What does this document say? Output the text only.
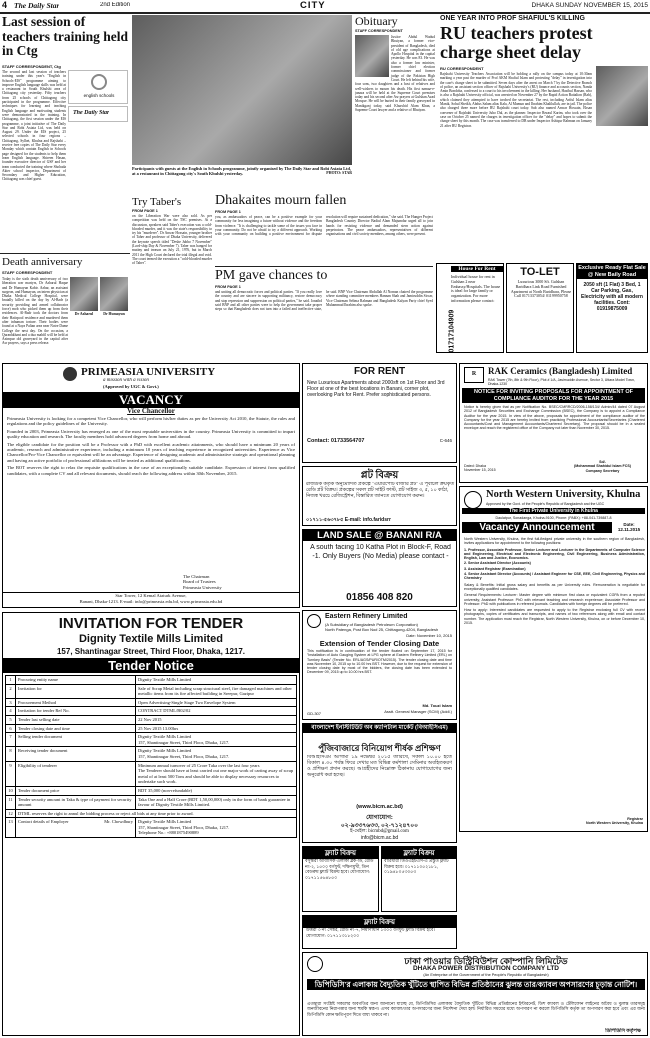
4 The Daily Star	2nd Edition	CITY	DHAKA SUNDAY NOVEMBER 15, 2015
Last session of teachers training held in Ctg
STAFF CORRESPONDENT, Ctg
The second and last session of teachers training under this year's "English in Schools-EIS" programme aiming to improve English language skills was held at a restaurant in South Khulshi area of Chittagong city yesterday. Fifty teachers from 25 schools of Chittagong city participated in the programme. Effective techniques for learning and teaching English language and motivating students were demonstrated in the training. In Chittagong, the first session under the EIS programme, a joint initiative of The Daily Star and Robi Axiata Ltd, was held on August 29. Under the EIS project, 25 selected schools in four regions – Chittagong, Sylhet, Khulna and Rajshahi – receive free copies of The Daily Star every Monday which contain English in Schools page designed for the students to help them learn English language. Shireen Hasan, founder executive director of GSF and her team conducted the training where Shohada Akter school inspector, Department of Secondary and Higher Education, Chittagong was chief guest.
english schools
The Daily Star
Participants with guests at the English in Schools programme, jointly organised by The Daily Star and Robi Axiata Ltd, at a restaurant in Chittagong city's South Khulshi yesterday.	PHOTO: STAR
Death anniversary
STAFF CORRESPONDENT
Dr Azharul	Dr Humayun
Today is the sixth death anniversary of two liberation war martyrs, Dr Azharul Haque and Dr Humayun Kabir. Azhar, an assistant surgeon, and Humayun, an intern physician at Dhaka Medical College Hospital, were brutally killed on the day by Al-Badr (a security providing and armed collaborator force) mob who picked them up from their residences. Al-Badr took the doctors from their Hatirpool residence and murdered them after inhuman torture. Their bodies were found at a Naya Paltan area near Notre Dame College the next day. On the occasion, a Quranhkhani and a dua mahfil will be held at Azimpur old graveyard in the capital after Asr prayers, says a press release.
Try Taber's
FROM PAGE 1
on the Liberation War were also sold. As per competition was held on the TSC premises. At a discussion, speakers said Taber's execution was a cold-blooded murder, and it was the state's responsibility to try his "murderer". Dr Anwar Hossain, younger brother of Taher and professor of Dhaka University, delivered the keynote speech titled "Deshe Jubbo 7 November" (Lord-ship Day & November 7). Taher was hanged for mutiny and treason on July 21, 1976, but in March 2011 the High Court declared the trial illegal and void. The court termed the execution a "cold-blooded murder of Taher".
Dhakaites mourn fallen
FROM PAGE 1
you, as ambassadors of peace, can be a positive example for your community for less imagining a future without violence and the freedom from violence. "It is challenging to tackle some of the issues you face in your community. Do not be afraid to try a different approach. Working with your community on building a positive environment for dispute resolution will require sustained dedication," she said. The Hunger Project Bangladesh Country Director Badiul Alam Majumdar urged all to join hands for resisting violence and demanded stern action against perpetrators. The peace ambassadors, representatives of different organisations and civil society members, among others, were present.
PM gave chances to
FROM PAGE 1
and uniting all democratic forces and political parties. "If you really love the country and are sincere in supporting militancy, restore democracy and stop repression and suppression on political parties," he said. Jonaibd said BNP and all other parties were to help the government take proper steps so that Bangladesh does not turn into a failed and ineffective state, he said. BNP Vice Chairman Abdullah Al Noman chaired the programme where standing committee members Hannan Shah and Jamiruddin Sircar, Vice Chairman Selima Rahman and Bangladesh Kalyan Party chief Syed Muhammad Ibrahim also spoke.
Obituary
STAFF CORRESPONDENT
Justice Abdul Wadud Bhuiyan, a former vice-president of Bangladesh, died of old age complications at Apollo Hospital in the capital yesterday. He was 83. He was also a former law minister, former chief election commissioner and former judge of the Pakistan High Court. He left behind his wife, four sons, two daughters and a host of relatives and well-wishers to mourn his death. His first namaz-e-janaza will be held at the Supreme Court premises today and his second after Asr prayers at Gulshan Azad Mosque. He will be buried in their family graveyard in Manikganj today, said Khurshid Alam Khan, a Supreme Court lawyer and a relative of Bhuiyan.
ONE YEAR INTO PROF SHAFIUL'S KILLING
RU teachers protest charge sheet delay
RU CORRESPONDENT
Rajshahi University Teachers Association will be holding a rally on the campus today at 10:30am marking a year past the murder of Prof AKM Shafiul Islam and protesting "delay" in investigation into the case's charge sheet to be submitted. Seven days after the arrest on March 7 by the Detective Branch of police, an assistant section officer of Rajshahi University's (RU) finance and accounts section, Nanda Amin Bondoba, confessed to a court to his involvement in the killing. Her husband, Hasibul Hassan, who is also a Rajshahi University official, was arrested on November 27 by the Rapid Action Battalion (Rab), which claimed they attempted to have torched the secretariat. The rest, including Ariful Islam alias Manik, Sohul Sheikh, Abdus Salam alias Kala, Al Mamun and Ibrahim Khalilullah, are in jail. The police also charged three more before RU Rajshahi court today. Sub also named Anwar Hossain, Ehsan convener of Rajshahi University Jubo Dal, as the planner. Inspector Rezaul Karim, who took over the case on October 25 named the charges in investigation officer for the "delay" and hopes to submit the charge sheet by this month. The case was transferred to DB under Inspector Ashiqur Rahman on January 21 after RU Registrar.
01717104909
House For Rent
Individual house for rent in Gulshan 2 near Embassy/Hospitals. The house is ideal for large family or organization. For more information please contact:
TO-LET
Luxurious 3000 Sft. Gulshan Baridhara Link Road Furnished Apartment at North Baridhara, Please Call 01713373054/ 01199950758
Exclusive Ready Flat Sale @ New Baily Road
2050 sft (1 Flat) 3 Bed, 1 Car Parking, Gas, Electricity with all modern facilities. Cont: 01919875009
PRIMEASIA UNIVERSITY
a mission with a vision
(Approved by UGC & Govt.)
VACANCY
Vice Chancellor

Primeasia University is looking for a competent Vice Chancellor, who will perform his/her duties as per the University Act 2010, the Statute, the rules and regulations and the policy guidelines of the University.

Founded in 2003, Primeasia University has emerged as one of the most reputable universities in the country. Primeasia University is committed to impart quality education and research. The faculty members hold advanced degrees from home and abroad.

The eligible candidate for the position will be a Professor with a PhD with excellent academic attainments, who should have a minimum 20 years of academic, research and administrative experience, including a minimum 10 years of teaching experience in recognized universities. Experience as Vice Chancellor/Pro-Vice Chancellor or equivalent will be an advantage. Experience of designing academic and administrative strategic and operational planning and having an active portfolio of professional affiliations will be treated as additional qualifications.

The BOT reserves the right to relax the requisite qualifications in the case of an exceptionally suitable candidate. Expression of interest from qualified candidates, with a complete CV and all relevant documents, should reach the following address within 30th November, 2015.

The Chairman
Board of Trustees
Primeasia University
Star Tower, 12 Kemal Ataturk Avenue,
Banani, Dhaka-1213. E-mail: info@primeasia.edu.bd, www.primeasia.edu.bd
INVITATION FOR TENDER
Dignity Textile Mills Limited
157, Shantinagar Street, Third Floor, Dhaka, 1217.
Tender Notice
1	Procuring entity name	Dignity Textile Mills Limited
2	Invitation for	Sale of Scrap Metal including scrap structural steel, fire damaged machines and other metallic items from its fire affected building in Sreepur, Gazipur
3	Procurement Method	Open Advertising-Single Stage Two Envelope System
4	Invitation for tender Ref No.	CONTRACT DTML/B02/02
5	Tender last selling date	22 Nov 2015
6	Tender closing date and time	25 Nov 2015 13.00hrs
7	Selling tender document	Dignity Textile Mills Limited
157, Shantinagar Street, Third Floor, Dhaka, 1217.
8	Receiving tender document	Dignity Textile Mills Limited
157, Shantinagar Street, Third Floor, Dhaka, 1217.
9	Eligibility of tenderer	Minimum annual turnover of 25 Crore Taka over the last four years
The Tenderer should have at least carried out one major work of carting away of scrap metal of at least 500 Tons and should be able to display necessary resources to undertake such work.
10	Tender document price	BDT 35,000 (non-refundable)
11	Tender security amount in Taka & type of payment for security amount	Taka One and a Half Crore (BDT 1,50,00,000) only in the form of bank guarantee in favour of Dignity Textile Mills Limited.
12	DTML reserves the right to annul the bidding process or reject all bids at any time prior to award.	
13	Contact details of Employer Mr. Chowdhury	Dignity Textile Mills Limited
157, Shantinagar Street, Third Floor, Dhaka, 1217.
Telephone No.: +8801875490889
FOR RENT
New Luxurious Apartments about 2000sft on 1st Floor and 3rd Floor at one of the best locations in Banani, corner plot, overlooking Park for Rent. Prefer sophisticated persons.
Contact: 01733564707	C-646
প্লট বিক্রয়
রাজউক কর্তৃক অনুমোদিত প্রকল্পে "এয়ারপোর্ট বাজার প্লট" এ পূর্বাচল ক্রয়কৃত রেডি প্লট বিক্রয়। প্রকল্পের সকল প্লট সাইট ফাস্ট, প্লট সাইজ ৩, ৫, ১০ কাঠা, নিজস্ব খরচে রেজিস্ট্রেশন, বিস্তারিত জানতে যোগাযোগ করুন।
০১৭১১-৫৬৩৭৮৫ E-mail: info.faridsrr
LAND SALE @ BANANI R/A
A south facing 10 Katha Plot in Block-F, Road -1. Only Buyers (No Media) please contact -
01856 408 820
Eastern Refinery Limited
(A Subsidiary of Bangladesh Petroleum Corporation)
North Patenga, Post Box No# 25, Chittagong-4204, Bangladesh
Date: November 10, 2015
Extension of Tender Closing Date
This notification is in continuation of the tender floated on September 17, 2015 for "Installation of Auto Gauging System at LPG sphere at Eastern Refinery Limited (ERL) on Turnkey Basis" (Tender No. ERL/AGS/PUR/OTM/2015). The tender closing date and time was November 10, 2015 up to 10.00 hrs BST. However, due to the request for extension of tender closing date by most of the bidders, the closing date has been extended to December 09, 2015 up to 10.00 hrs BST.
Md. Touzi Islam
Asstt. General Manager (SCM) (Addl.)
GD-307
বাংলাদেশ ইনস্টিটিউট অব ক্যাপিটাল মার্কেট (বিআইসিএম)
পুঁজিবাজারে বিনিয়োগ শীর্ষক প্রশিক্ষণ
বিআইসিএম আগামী ১৯ নভেম্বর ২০১৫ তারিখে, সকাল ১০.০০ হতে বিকাল ৪.৩০ পর্যন্ত ফিরে দেখার মত বিভিন্ন কর্মশালা সেমিনার অবহিতকরণ ও প্রশিক্ষণ প্রদান করছে। আগ্রহীদের নিম্নোক্ত ঠিকানায় যোগাযোগের জন্য অনুরোধ করা হচ্ছে।
(www.bicm.ac.bd)
যোগাযোগ:
০২-৯৩৩৭৬৩৩, ০২-৭১২৪৭০০
ই-মেইল: bicmbd@gmail.com
info@bicm.ac.bd
ফ্ল্যাট বিক্রয়
বসুন্ধরা আবাসিক এলাকা ব্লক-ডি, রোড নং-২, ১৫০০ বর্গফুট, দক্ষিণমুখী, তিন বেডরুম ফ্ল্যাট বিক্রয় হবে। যোগাযোগ: ০১৭১১৫৬৪৮৫০
ফ্ল্যাট বিক্রয়
বারিধারা ডিওএইচএস-এ প্রস্তুত ফ্ল্যাট বিক্রয় হবে। ০১৭১১০৫২১৮১, ০১৯৪৮০৫৩০৫৩
ফ্ল্যাট বিক্রয়
উত্তরা ৩ নং সেক্টর, রোড নং-৭, নির্মাণাধীন ১৩০০ বর্গফুট ফ্ল্যাট বিক্রয় হবে। যোগাযোগ: ০১৭১১৩১৮২০০
R	RAK Ceramics (Bangladesh) Limited
RAK Tower (7th, 8th & 9th Floor), Plot # 1/A, Jasimuddin Avenue, Sector 3, Uttara Model Town, Dhaka-1230
NOTICE FOR INVITING PROPOSALS FOR APPOINTMENT OF COMPLIANCE AUDITOR FOR THE YEAR 2015
Notice is hereby given that as per Notification No. BSEC/CMRRCD/2006-158/134/ Admin/44 dated 07 August 2012 of Bangladesh Securities and Exchange Commission (BSEC), the Company is to appoint a Compliance Auditor for the year 2015. In view of the above, proposals for appointment of the compliance auditor of the Company for the year 2015 are hereby invited from practicing Professional Accountants/Secretaries (Chartered Accountants/Cost and Management Accountants/Chartered Secretary). The proposal should be in a sealed envelope and reach the registered office of the Company not later than November 30, 2015.
Dated: Dhaka
November 15, 2015
Sd/-
(Mohammad Shahidul Islam FCS)
Company Secretary
North Western University, Khulna
Approved by the Govt. of the People's Republic of Bangladesh and the UGC
The First Private University in Khulna
Daulatpur, Sonadanga, Khulna-9100, Phone: (PABX): +88-041-739887-8
Vacancy Announcement	Date: 12.11.2015

North Western University, Khulna, the first full-fledged private university in the southern region of Bangladesh, invites applications for appointment to the following positions:

1. Professor, Associate Professor, Senior Lecturer and Lecturer in the Departments of Computer Science and Engineering, Electrical and Electronic Engineering, Civil Engineering, Business Administration, English, Law and Justice, Economics.

2. Senior Assistant Director (Accounts)

3. Assistant Registrar (Examination)

4. Senior Assistant Director (Accounts) / Assistant Engineer for CSE, EEE, Civil Engineering, Physics and Chemistry

Salary & Benefits: Initial gross salary and benefits as per University rules. Remuneration is negotiable for exceptionally qualified candidates.

General Requirements: Lecturer: Master degree with minimum first class or equivalent CGPA from a reputed university; Assistant Professor: PhD with relevant teaching and research experience; Associate Professor and Professor: PhD with publications in refereed journals. Candidates with foreign degrees will be preferred.

How to apply: Interested candidates are requested to apply to the Registrar enclosing full CV with recent photographs, copies of certificates and transcripts, and names of two references along with email and contact number. The application must reach the Registrar, North Western University, Khulna, on or before December 10, 2015.

Registrar
North Western University, Khulna
ঢাকা পাওয়ার ডিস্ট্রিবিউশন কোম্পানি লিমিটেড
DHAKA POWER DISTRIBUTION COMPANY LTD
(An Enterprise of the Government of the People's Republic of Bangladesh)
ডিপিডিসি'র এলাকায় বৈদ্যুতিক খুঁটিতে স্থাপিত বিভিন্ন প্রতিষ্ঠানের ঝুলন্ত তার/ক্যাবল অপসারণের চূড়ান্ত নোটিশ।
এতদ্বারা সংশ্লিষ্ট সকলের অবগতির জন্য জানানো যাচ্ছে যে, ডিপিডিসির এলাকায় বৈদ্যুতিক খুঁটিতে বিভিন্ন প্রতিষ্ঠানের ইন্টারনেট, ডিশ ক্যাবল ও টেলিফোন লাইনের অবৈধ ও ঝুলন্ত তারসমূহ জনজীবনের নিরাপত্তার জন্য হুমকি স্বরূপ। এসব ক্যাবল/তার অপসারণের জন্য নির্দেশনা দেয়া হল। নির্ধারিত সময়ের মধ্যে অপসারণ না করলে ডিপিডিসি কর্তৃক তা অপসারণ করা হবে এবং এর জন্য ডিপিডিসি কোন ক্ষতিপূরণ দিতে বাধ্য থাকবে না।
ডিপিডিসি কর্তৃপক্ষ
